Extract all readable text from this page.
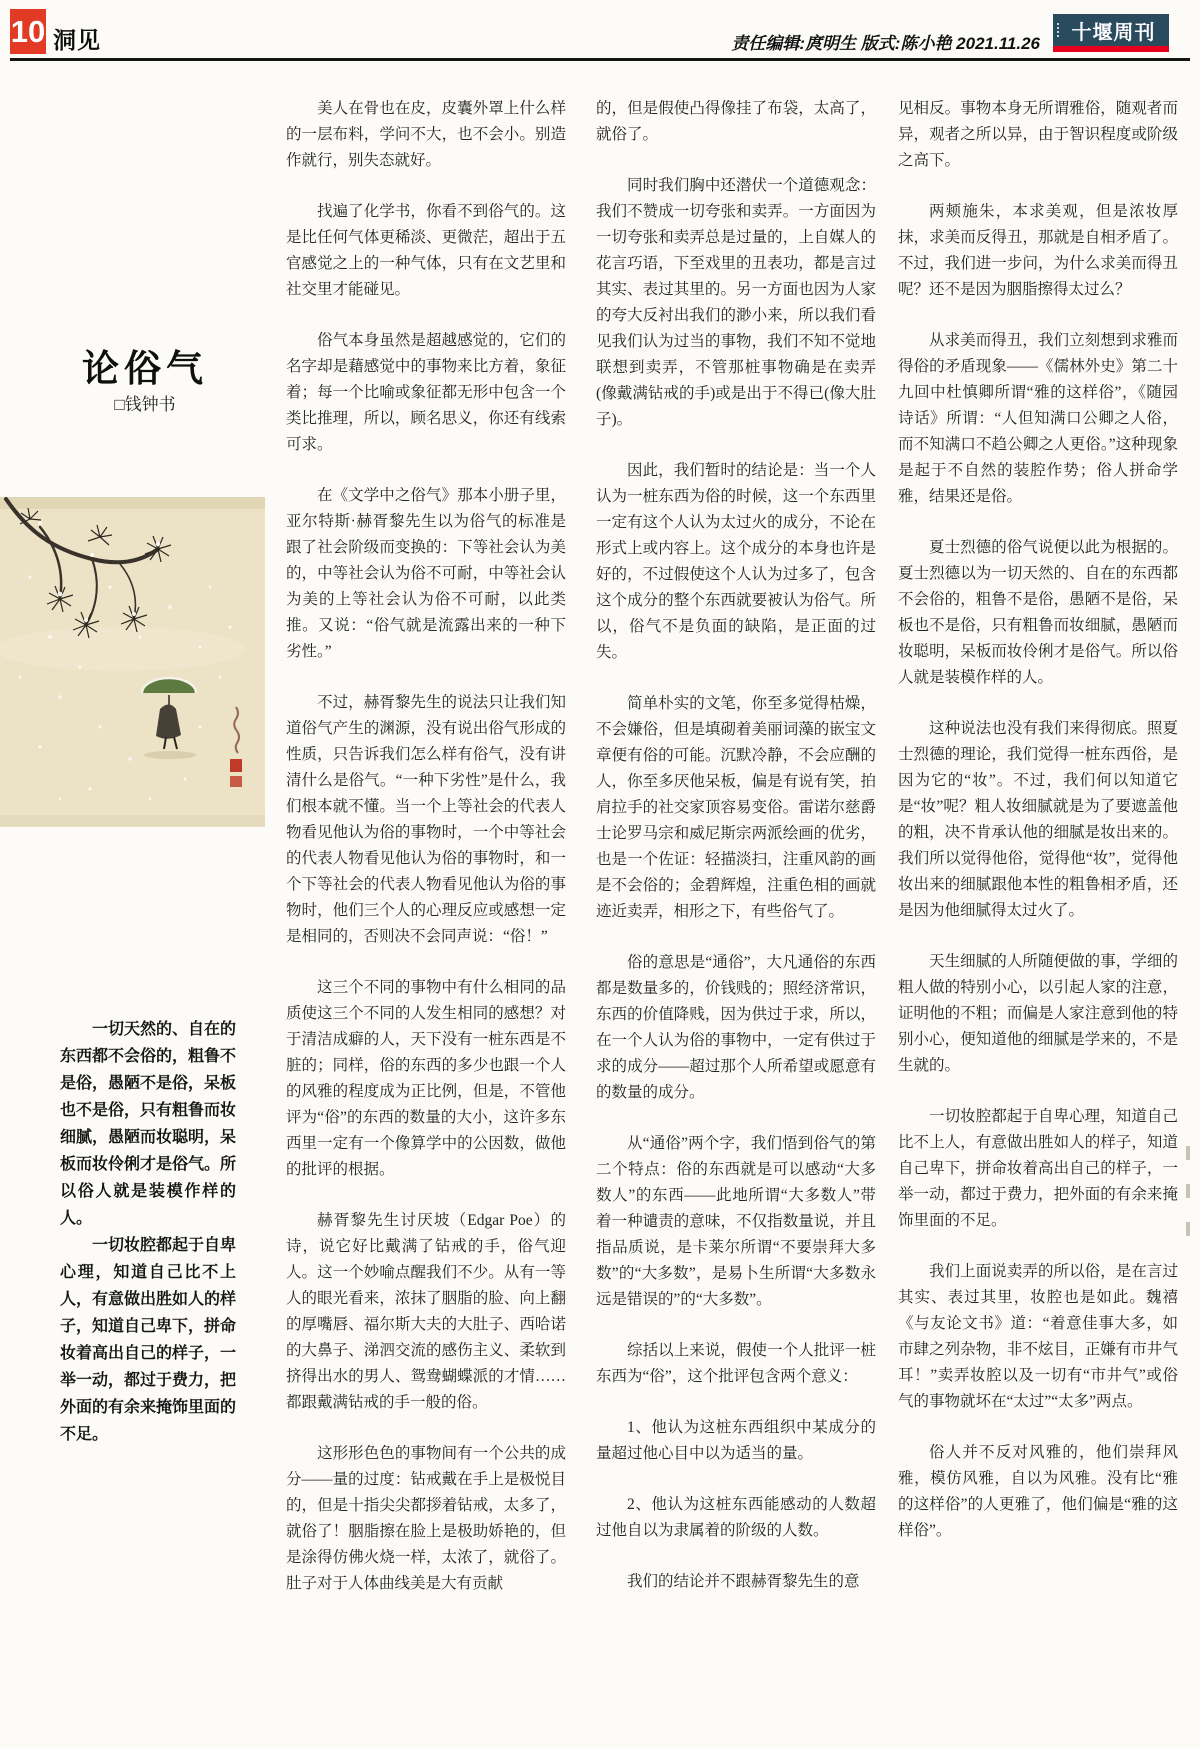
10 洞见	责任编辑:庹明生 版式:陈小艳 2021.11.26	十堰周刊
论俗气
□钱钟书

一切天然的、自在的东西都不会俗的，粗鲁不是俗，愚陋不是俗，呆板也不是俗，只有粗鲁而妆细腻，愚陋而妆聪明，呆板而妆伶俐才是俗气。所以俗人就是装模作样的人。

一切妆腔都起于自卑心理，知道自己比不上人，有意做出胜如人的样子，知道自己卑下，拼命妆着高出自己的样子，一举一动，都过于费力，把外面的有余来掩饰里面的不足。

美人在骨也在皮，皮囊外罩上什么样的一层布料，学问不大，也不会小。别造作就行，别失态就好。

找遍了化学书，你看不到俗气的。这是比任何气体更稀淡、更微茫，超出于五官感觉之上的一种气体，只有在文艺里和社交里才能碰见。

俗气本身虽然是超越感觉的，它们的名字却是藉感觉中的事物来比方着，象征着；每一个比喻或象征都无形中包含一个类比推理，所以，顾名思义，你还有线索可求。

在《文学中之俗气》那本小册子里，亚尔特斯·赫胥黎先生以为俗气的标准是跟了社会阶级而变换的：下等社会认为美的，中等社会认为俗不可耐，中等社会认为美的上等社会认为俗不可耐，以此类推。又说：“俗气就是流露出来的一种下劣性。”

不过，赫胥黎先生的说法只让我们知道俗气产生的渊源，没有说出俗气形成的性质，只告诉我们怎么样有俗气，没有讲清什么是俗气。“一种下劣性”是什么，我们根本就不懂。当一个上等社会的代表人物看见他认为俗的事物时，一个中等社会的代表人物看见他认为俗的事物时，和一个下等社会的代表人物看见他认为俗的事物时，他们三个人的心理反应或感想一定是相同的，否则决不会同声说：“俗！”

这三个不同的事物中有什么相同的品质使这三个不同的人发生相同的感想？对于清洁成癖的人，天下没有一桩东西是不脏的；同样，俗的东西的多少也跟一个人的风雅的程度成为正比例，但是，不管他评为“俗”的东西的数量的大小，这许多东西里一定有一个像算学中的公因数，做他的批评的根据。

赫胥黎先生讨厌坡（Edgar Poe）的诗，说它好比戴满了钻戒的手，俗气迎人。这一个妙喻点醒我们不少。从有一等人的眼光看来，浓抹了胭脂的脸、向上翻的厚嘴唇、福尔斯大夫的大肚子、西哈诺的大鼻子、涕泗交流的感伤主义、柔软到挤得出水的男人、鸳鸯蝴蝶派的才情……都跟戴满钻戒的手一般的俗。

这形形色色的事物间有一个公共的成分——量的过度：钻戒戴在手上是极悦目的，但是十指尖尖都拶着钻戒，太多了，就俗了！胭脂擦在脸上是极助娇艳的，但是涂得仿佛火烧一样，太浓了，就俗了。肚子对于人体曲线美是大有贡献

的，但是假使凸得像挂了布袋，太高了，就俗了。

同时我们胸中还潜伏一个道德观念：我们不赞成一切夸张和卖弄。一方面因为一切夸张和卖弄总是过量的，上自媒人的花言巧语，下至戏里的丑表功，都是言过其实、表过其里的。另一方面也因为人家的夸大反衬出我们的渺小来，所以我们看见我们认为过当的事物，我们不知不觉地联想到卖弄，不管那桩事物确是在卖弄(像戴满钻戒的手)或是出于不得已(像大肚子)。

因此，我们暂时的结论是：当一个人认为一桩东西为俗的时候，这一个东西里一定有这个人认为太过火的成分，不论在形式上或内容上。这个成分的本身也许是好的，不过假使这个人认为过多了，包含这个成分的整个东西就要被认为俗气。所以，俗气不是负面的缺陷，是正面的过失。

简单朴实的文笔，你至多觉得枯燥，不会嫌俗，但是填砌着美丽词藻的嵌宝文章便有俗的可能。沉默冷静，不会应酬的人，你至多厌他呆板，偏是有说有笑，拍肩拉手的社交家顶容易变俗。雷诺尔慈爵士论罗马宗和威尼斯宗两派绘画的优劣，也是一个佐证：轻描淡扫，注重风韵的画是不会俗的；金碧辉煌，注重色相的画就迹近卖弄，相形之下，有些俗气了。

俗的意思是“通俗”，大凡通俗的东西都是数量多的，价钱贱的；照经济常识，东西的价值降贱，因为供过于求，所以，在一个人认为俗的事物中，一定有供过于求的成分——超过那个人所希望或愿意有的数量的成分。

从“通俗”两个字，我们悟到俗气的第二个特点：俗的东西就是可以感动“大多数人”的东西——此地所谓“大多数人”带着一种谴责的意味，不仅指数量说，并且指品质说，是卡莱尔所谓“不要崇拜大多数”的“大多数”，是易卜生所谓“大多数永远是错误的”的“大多数”。

综括以上来说，假使一个人批评一桩东西为“俗”，这个批评包含两个意义：

1、他认为这桩东西组织中某成分的量超过他心目中以为适当的量。

2、他认为这桩东西能感动的人数超过他自以为隶属着的阶级的人数。

我们的结论并不跟赫胥黎先生的意

见相反。事物本身无所谓雅俗，随观者而异，观者之所以异，由于智识程度或阶级之高下。

两颊施朱，本求美观，但是浓妆厚抹，求美而反得丑，那就是自相矛盾了。不过，我们进一步问，为什么求美而得丑呢？还不是因为胭脂擦得太过么？

从求美而得丑，我们立刻想到求雅而得俗的矛盾现象——《儒林外史》第二十九回中杜慎卿所谓“雅的这样俗”，《随园诗话》所谓：“人但知满口公卿之人俗，而不知满口不趋公卿之人更俗。”这种现象是起于不自然的装腔作势；俗人拼命学雅，结果还是俗。

夏士烈德的俗气说便以此为根据的。夏士烈德以为一切天然的、自在的东西都不会俗的，粗鲁不是俗，愚陋不是俗，呆板也不是俗，只有粗鲁而妆细腻，愚陋而妆聪明，呆板而妆伶俐才是俗气。所以俗人就是装模作样的人。

这种说法也没有我们来得彻底。照夏士烈德的理论，我们觉得一桩东西俗，是因为它的“妆”。不过，我们何以知道它是“妆”呢？粗人妆细腻就是为了要遮盖他的粗，决不肯承认他的细腻是妆出来的。我们所以觉得他俗，觉得他“妆”，觉得他妆出来的细腻跟他本性的粗鲁相矛盾，还是因为他细腻得太过火了。

天生细腻的人所随便做的事，学细的粗人做的特别小心，以引起人家的注意，证明他的不粗；而偏是人家注意到他的特别小心，便知道他的细腻是学来的，不是生就的。

一切妆腔都起于自卑心理，知道自己比不上人，有意做出胜如人的样子，知道自己卑下，拼命妆着高出自己的样子，一举一动，都过于费力，把外面的有余来掩饰里面的不足。

我们上面说卖弄的所以俗，是在言过其实、表过其里，妆腔也是如此。魏禧《与友论文书》道：“着意佳事大多，如市肆之列杂物，非不炫目，正嫌有市井气耳！”卖弄妆腔以及一切有“市井气”或俗气的事物就坏在“太过”“太多”两点。

俗人并不反对风雅的，他们崇拜风雅，模仿风雅，自以为风雅。没有比“雅的这样俗”的人更雅了，他们偏是“雅的这样俗”。
